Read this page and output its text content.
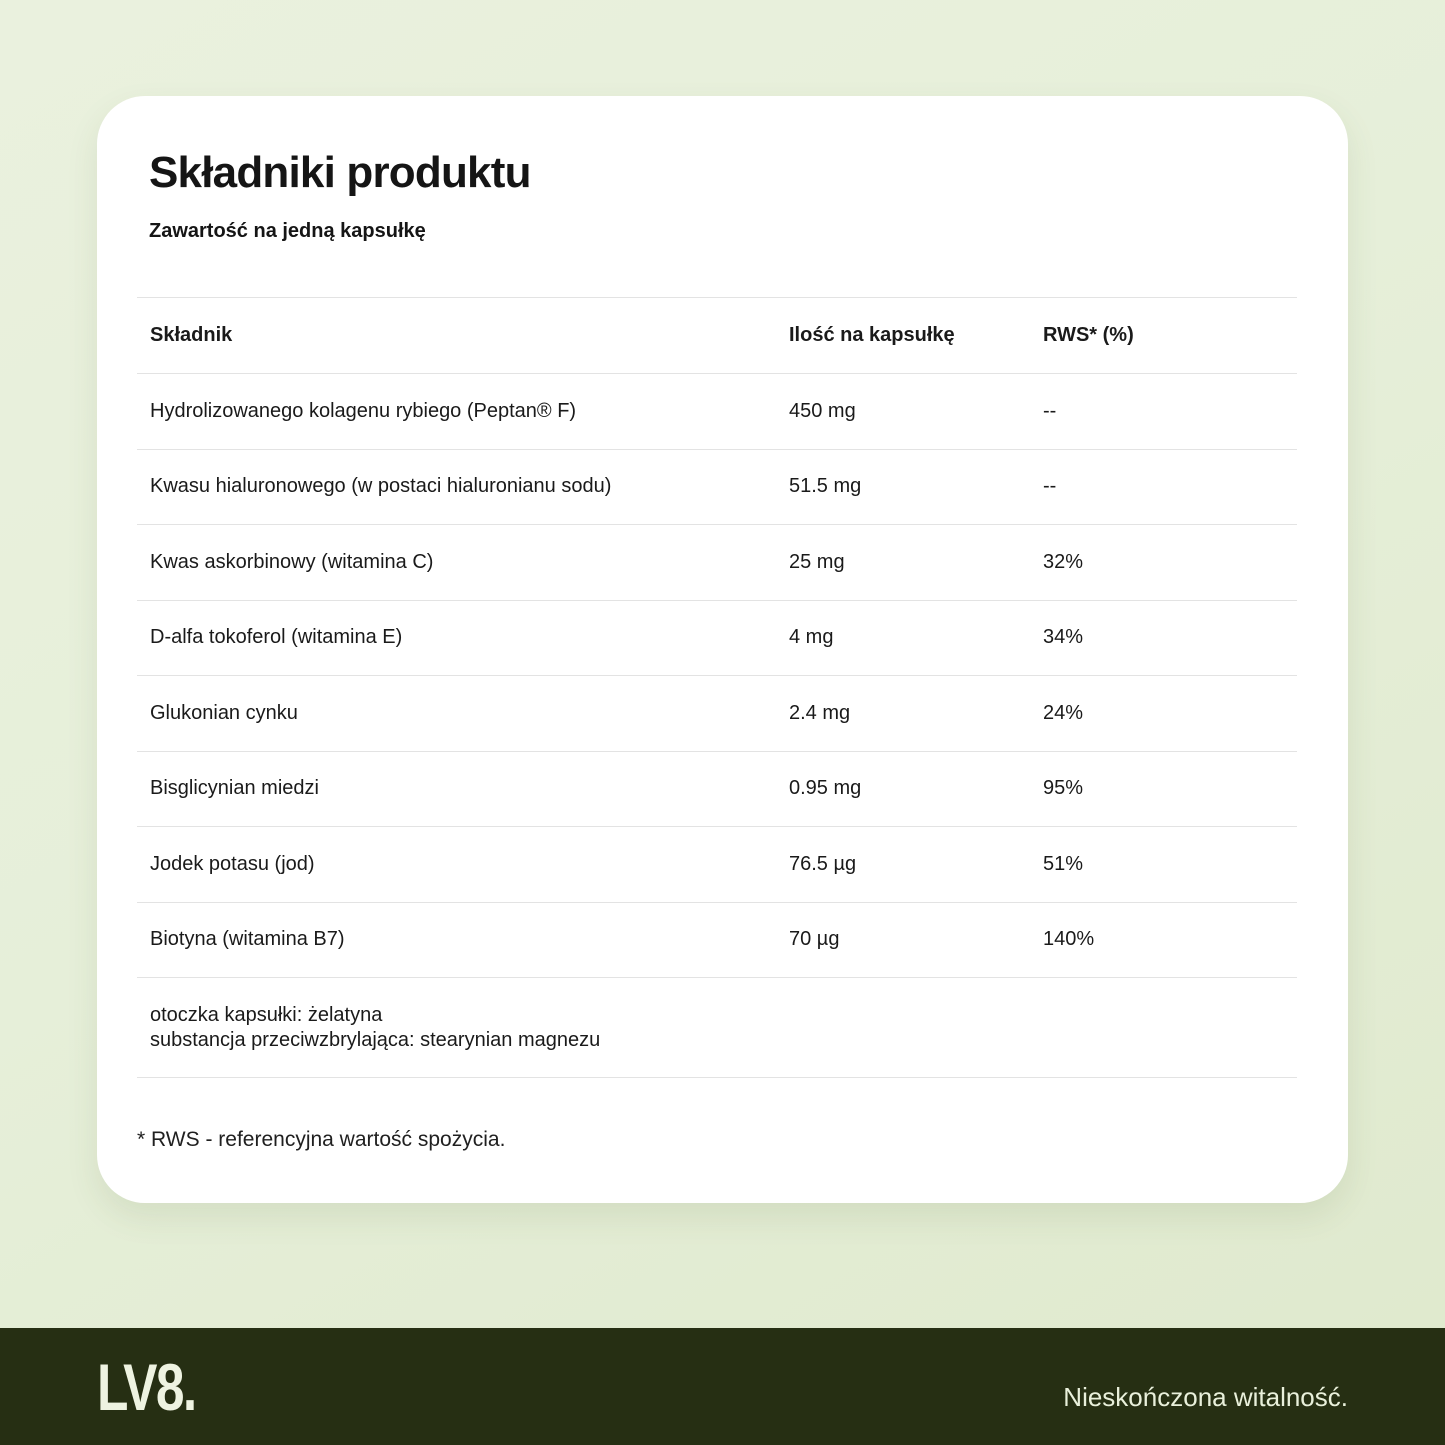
Składniki produktu
Zawartość na jedną kapsułkę
Składnik	Ilość na kapsułkę	RWS* (%)
Hydrolizowanego kolagenu rybiego (Peptan® F)	450 mg	--
Kwasu hialuronowego (w postaci hialuronianu sodu)	51.5 mg	--
Kwas askorbinowy (witamina C)	25 mg	32%
D-alfa tokoferol (witamina E)	4 mg	34%
Glukonian cynku	2.4 mg	24%
Bisglicynian miedzi	0.95 mg	95%
Jodek potasu (jod)	76.5 µg	51%
Biotyna (witamina B7)	70 µg	140%
otoczka kapsułki: żelatyna
substancja przeciwzbrylająca: stearynian magnezu
* RWS - referencyjna wartość spożycia.
LV8.	Nieskończona witalność.
